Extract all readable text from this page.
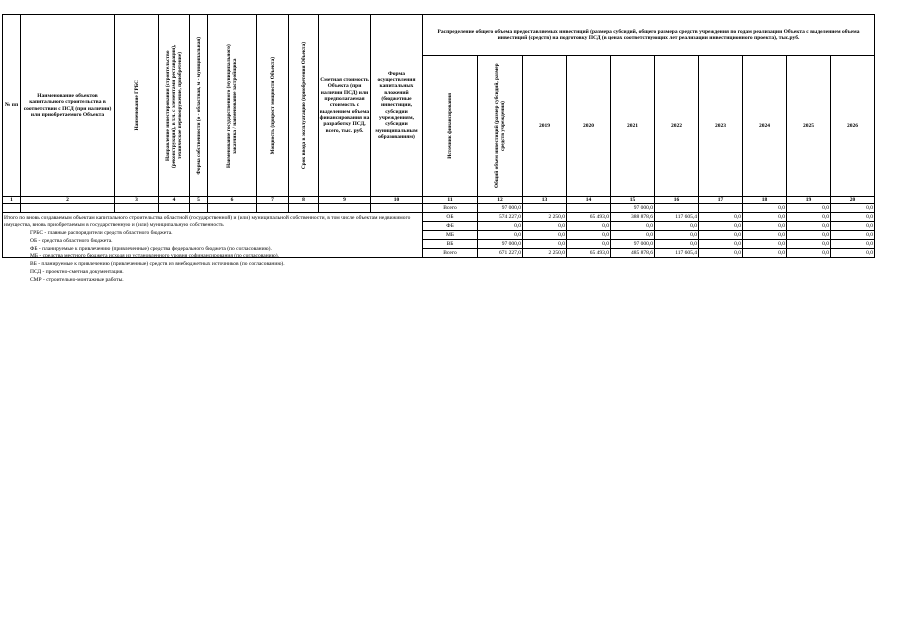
№ пп	Наименование объектов капитального строительства в соответствии с ПСД (при наличии) или приобретаемого Объекта	Наименование ГРБС	Направление инвестирования (строительство (реконструкция), в т.ч. с элементами реставрации), техническое перевооружение, приобретение)	Форма собственности (о - областная, м - муниципальная)	Наименование государственного (муниципального) заказчика / наименование застройщика	Мощность (прирост мощности Объекта)	Срок ввода в эксплуатацию (приобретения Объекта)	Сметная стоимость Объекта (при наличии ПСД) или предполагаемая стоимость с выделением объема финансирования на разработку ПСД, всего, тыс. руб.	Форма осуществления капитальных вложений (бюджетные инвестиции, субсидии учреждениям, субсидии муниципальным образованиям)	Распределение общего объема предоставляемых инвестиций (размера субсидий, общего размера средств учреждения по годам реализации Объекта с выделением объема инвестиций (средств) на подготовку ПСД (в ценах соответствующих лет реализации инвестиционного проекта), тыс.руб.									

										Источник финансирования	Общий объем инвестиций (размер субсидий, размер средств учреждения)	2019	2020	2021	2022	2023	2024	2025	2026
1	2	3	4	5	6	7	8	9	10	11	12	13	14	15	16	17	18	19	20
										Всего	97 000,0			97 000,0			0,0	0,0	0,0
Итого по вновь создаваемым объектам капитального строительства областной (государственной) и (или) муниципальной собственности, в том числе объектам недвижимого имущества, вновь приобретаемым в государственную и (или) муниципальную собственность										ОБ	574 227,0	2 250,0	65 493,0	388 878,6	117 605,4	0,0	0,0	0,0	0,0
										ФБ	0,0	0,0	0,0	0,0	0,0	0,0	0,0	0,0	0,0
										МБ	0,0	0,0	0,0	0,0	0,0	0,0	0,0	0,0	0,0
										ВБ	97 000,0	0,0	0,0	97 000,0	0,0	0,0	0,0	0,0	0,0
										Всего	671 227,0	2 250,0	65 493,0	485 878,6	117 605,4	0,0	0,0	0,0	0,0
ГРБС - главные распорядители средств областного бюджета.
ОБ - средства областного бюджета.
ФБ - планируемые к привлечению (привлеченные) средства федерального бюджета (по согласованию).
МБ - средства местного бюджета исходя из установленного уровня софинансирования (по согласованию).
ВБ - планируемые к привлечению (привлеченные) средств из внебюджетных источников (по согласованию).
ПСД - проектно-сметная документация.
СМР - строительно-монтажные работы.
